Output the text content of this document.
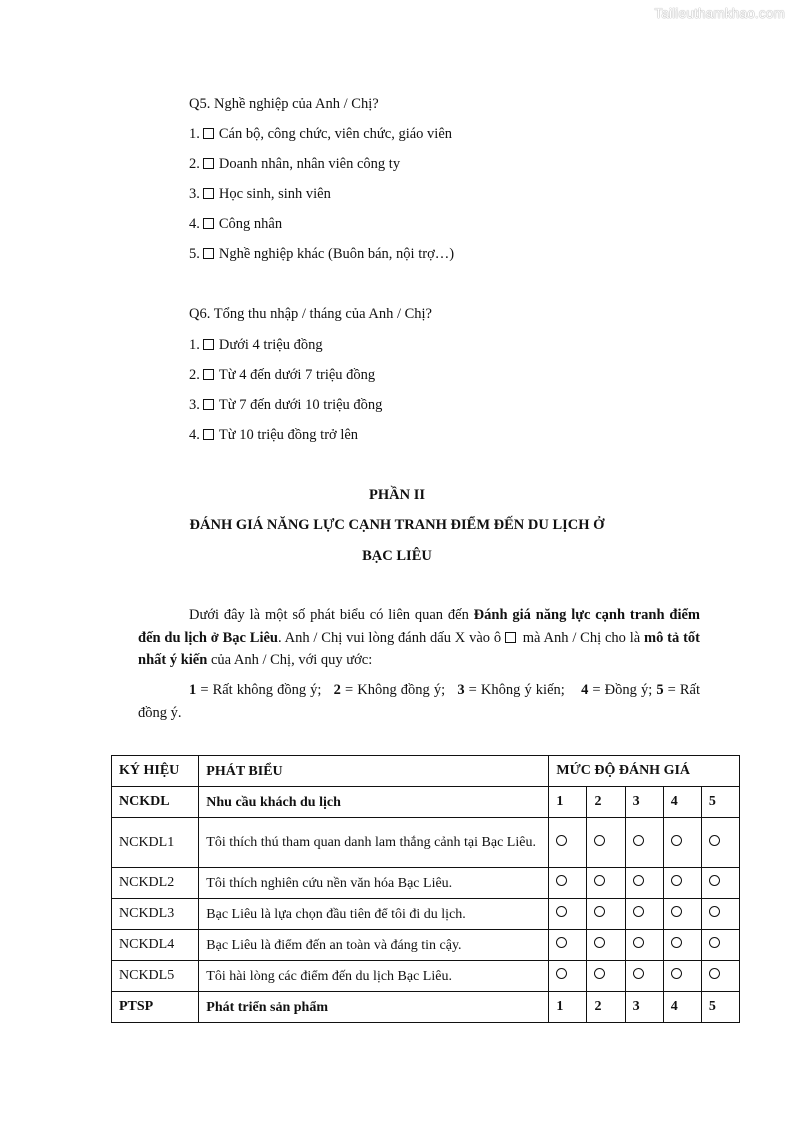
Tailieuthamkhao.com
Q5. Nghề nghiệp của Anh / Chị?
1. Cán bộ, công chức, viên chức, giáo viên
2. Doanh nhân, nhân viên công ty
3. Học sinh, sinh viên
4. Công nhân
5. Nghề nghiệp khác (Buôn bán, nội trợ…)
Q6. Tổng thu nhập / tháng của Anh / Chị?
1. Dưới 4 triệu đồng
2. Từ 4 đến dưới 7 triệu đồng
3. Từ 7 đến dưới 10 triệu đồng
4. Từ 10 triệu đồng trở lên
PHẦN II
ĐÁNH GIÁ NĂNG LỰC CẠNH TRANH ĐIỂM ĐẾN DU LỊCH Ở
BẠC LIÊU
Dưới đây là một số phát biểu có liên quan đến Đánh giá năng lực cạnh tranh điểm đến du lịch ở Bạc Liêu. Anh / Chị vui lòng đánh dấu X vào ô  mà Anh / Chị cho là mô tả tốt nhất ý kiến của Anh / Chị, với quy ước:
1 = Rất không đồng ý; 2 = Không đồng ý; 3 = Không ý kiến; 4 = Đồng ý; 5 = Rất đồng ý.
KÝ HIỆU	PHÁT BIỂU	MỨC ĐỘ ĐÁNH GIÁ				
NCKDL	Nhu cầu khách du lịch	1	2	3	4	5
NCKDL1	Tôi thích thú tham quan danh lam thắng cảnh tại Bạc Liêu.					
NCKDL2	Tôi thích nghiên cứu nền văn hóa Bạc Liêu.					
NCKDL3	Bạc Liêu là lựa chọn đầu tiên để tôi đi du lịch.					
NCKDL4	Bạc Liêu là điểm đến an toàn và đáng tin cậy.					
NCKDL5	Tôi hài lòng các điểm đến du lịch Bạc Liêu.					
PTSP	Phát triển sản phẩm	1	2	3	4	5
